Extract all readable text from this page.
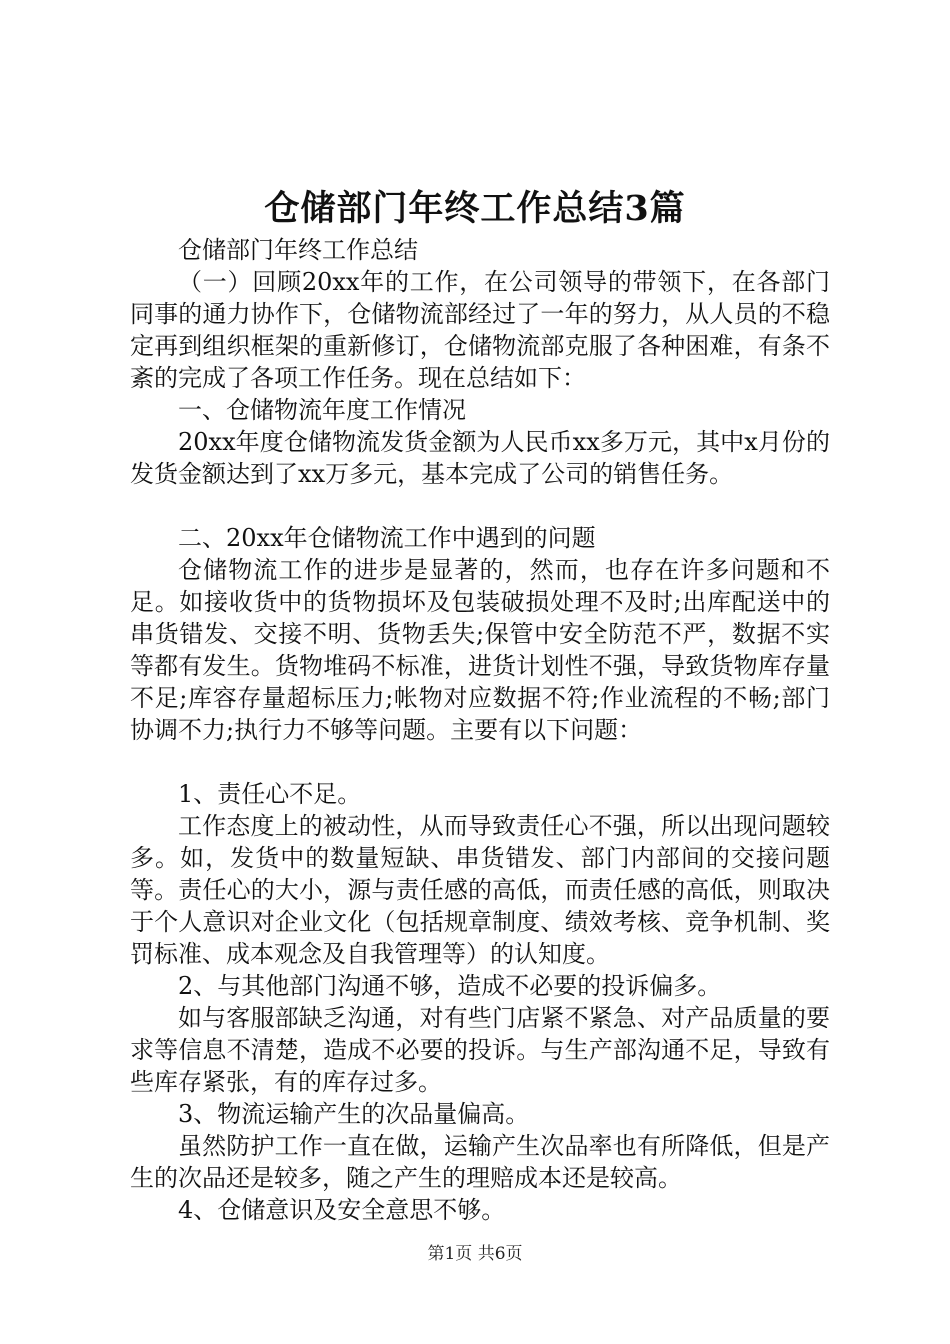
仓储部门年终工作总结3篇

仓储部门年终工作总结

（一）回顾20xx年的工作，在公司领导的带领下，在各部门同事的通力协作下，仓储物流部经过了一年的努力，从人员的不稳定再到组织框架的重新修订，仓储物流部克服了各种困难，有条不紊的完成了各项工作任务。现在总结如下：

一、仓储物流年度工作情况

20xx年度仓储物流发货金额为人民币xx多万元，其中x月份的发货金额达到了xx万多元，基本完成了公司的销售任务。

二、20xx年仓储物流工作中遇到的问题

仓储物流工作的进步是显著的，然而，也存在许多问题和不足。如接收货中的货物损坏及包装破损处理不及时;出库配送中的串货错发、交接不明、货物丢失;保管中安全防范不严，数据不实等都有发生。货物堆码不标准，进货计划性不强，导致货物库存量不足;库容存量超标压力;帐物对应数据不符;作业流程的不畅;部门协调不力;执行力不够等问题。主要有以下问题：

1、责任心不足。

工作态度上的被动性，从而导致责任心不强，所以出现问题较多。如，发货中的数量短缺、串货错发、部门内部间的交接问题等。责任心的大小，源与责任感的高低，而责任感的高低，则取决于个人意识对企业文化（包括规章制度、绩效考核、竞争机制、奖罚标准、成本观念及自我管理等）的认知度。

2、与其他部门沟通不够，造成不必要的投诉偏多。

如与客服部缺乏沟通，对有些门店紧不紧急、对产品质量的要求等信息不清楚，造成不必要的投诉。与生产部沟通不足，导致有些库存紧张，有的库存过多。

3、物流运输产生的次品量偏高。

虽然防护工作一直在做，运输产生次品率也有所降低，但是产生的次品还是较多，随之产生的理赔成本还是较高。

4、仓储意识及安全意思不够。

第1页 共6页
